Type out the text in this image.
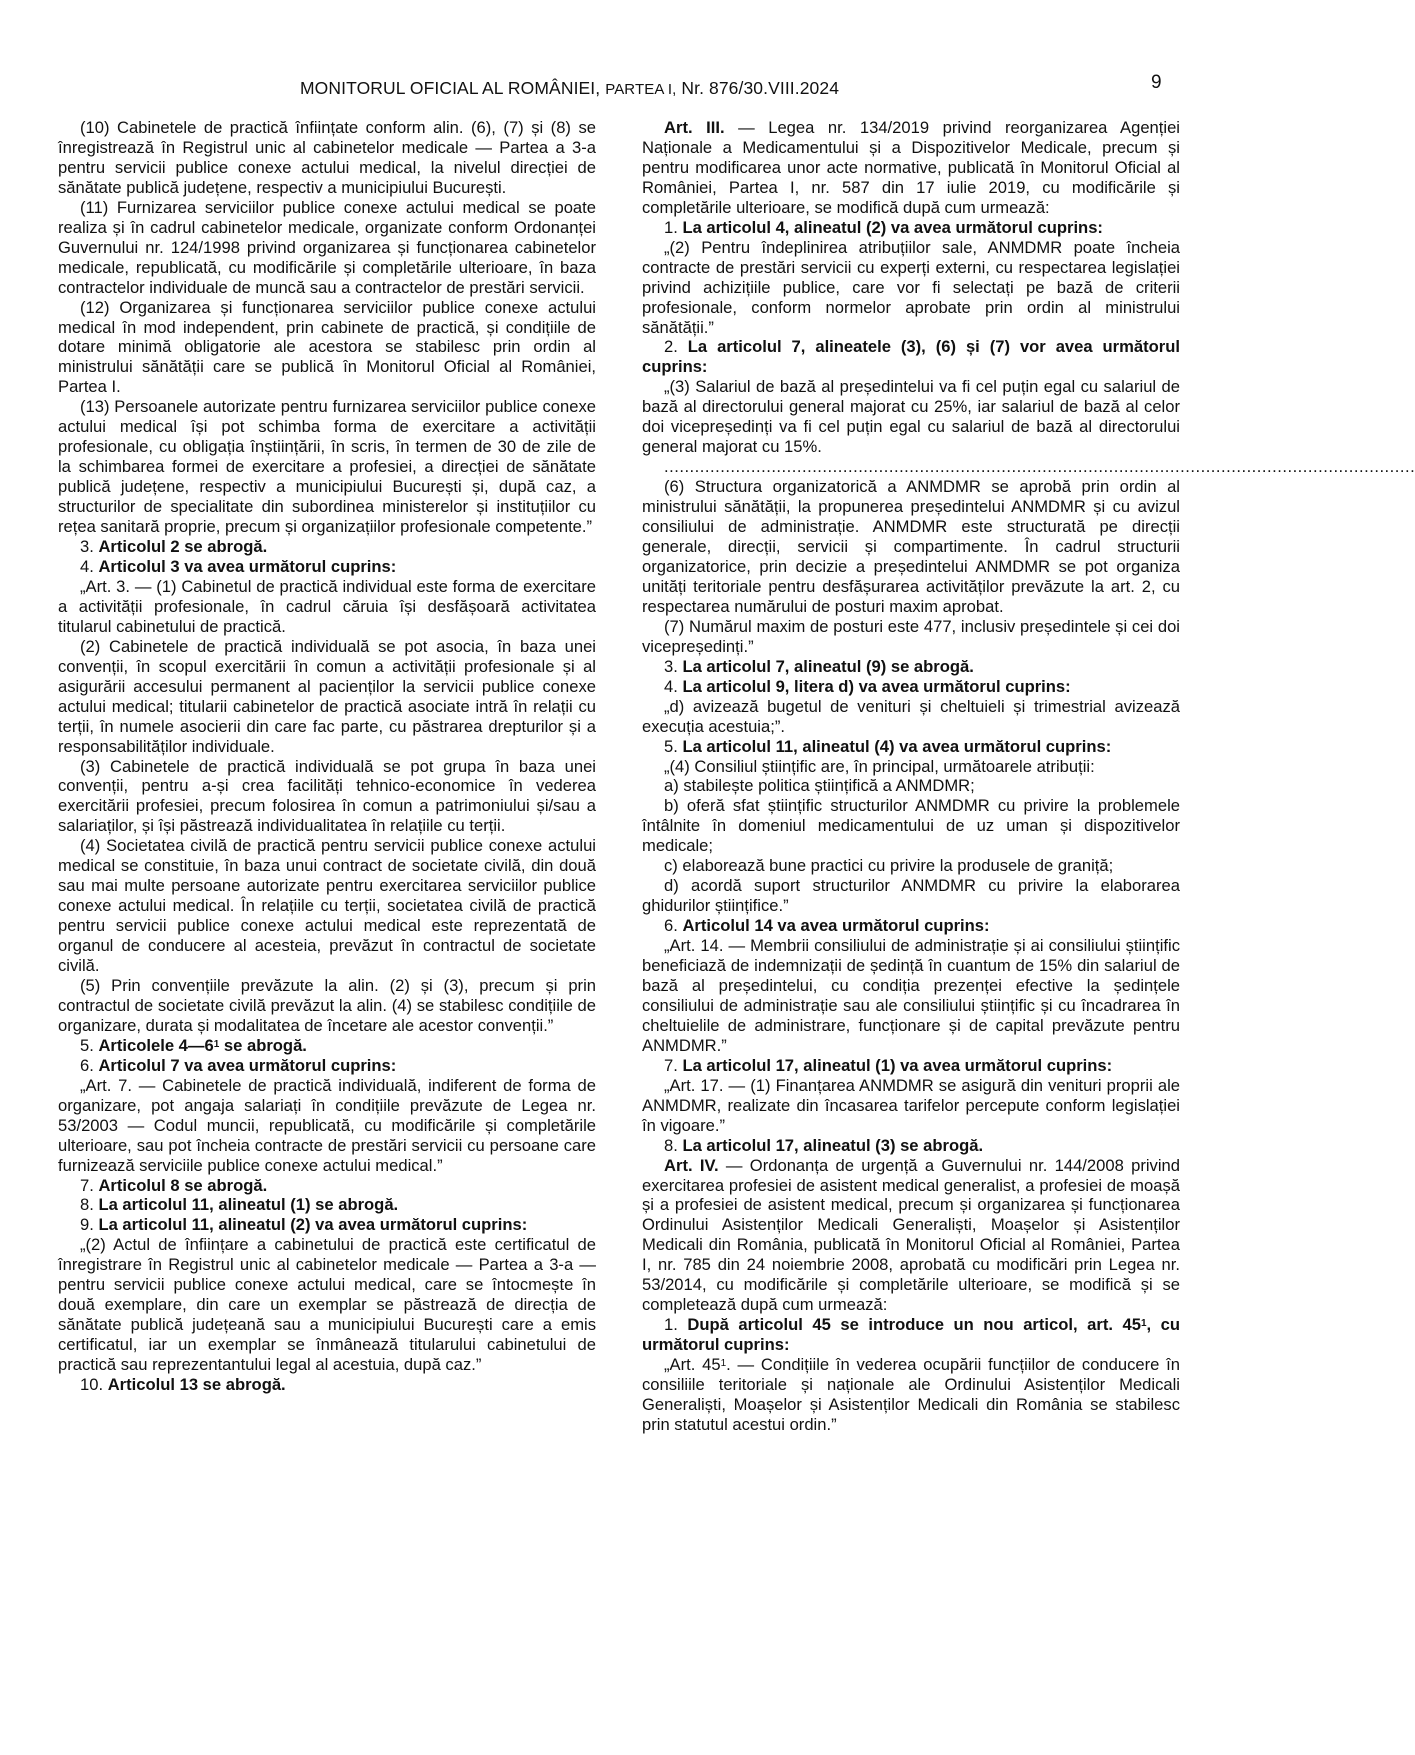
MONITORUL OFICIAL AL ROMÂNIEI, PARTEA I, Nr. 876/30.VIII.2024	9

(10) Cabinetele de practică înființate conform alin. (6), (7) și (8) se înregistrează în Registrul unic al cabinetelor medicale — Partea a 3-a pentru servicii publice conexe actului medical, la nivelul direcției de sănătate publică județene, respectiv a municipiului București.

(11) Furnizarea serviciilor publice conexe actului medical se poate realiza și în cadrul cabinetelor medicale, organizate conform Ordonanței Guvernului nr. 124/1998 privind organizarea și funcționarea cabinetelor medicale, republicată, cu modificările și completările ulterioare, în baza contractelor individuale de muncă sau a contractelor de prestări servicii.

(12) Organizarea și funcționarea serviciilor publice conexe actului medical în mod independent, prin cabinete de practică, și condițiile de dotare minimă obligatorie ale acestora se stabilesc prin ordin al ministrului sănătății care se publică în Monitorul Oficial al României, Partea I.

(13) Persoanele autorizate pentru furnizarea serviciilor publice conexe actului medical își pot schimba forma de exercitare a activității profesionale, cu obligația înștiințării, în scris, în termen de 30 de zile de la schimbarea formei de exercitare a profesiei, a direcției de sănătate publică județene, respectiv a municipiului București și, după caz, a structurilor de specialitate din subordinea ministerelor și instituțiilor cu rețea sanitară proprie, precum și organizațiilor profesionale competente.”

3. Articolul 2 se abrogă.

4. Articolul 3 va avea următorul cuprins:

„Art. 3. — (1) Cabinetul de practică individual este forma de exercitare a activității profesionale, în cadrul căruia își desfășoară activitatea titularul cabinetului de practică.

(2) Cabinetele de practică individuală se pot asocia, în baza unei convenții, în scopul exercitării în comun a activității profesionale și al asigurării accesului permanent al pacienților la servicii publice conexe actului medical; titularii cabinetelor de practică asociate intră în relații cu terții, în numele asocierii din care fac parte, cu păstrarea drepturilor și a responsabilităților individuale.

(3) Cabinetele de practică individuală se pot grupa în baza unei convenții, pentru a-și crea facilități tehnico-economice în vederea exercitării profesiei, precum folosirea în comun a patrimoniului și/sau a salariaților, și își păstrează individualitatea în relațiile cu terții.

(4) Societatea civilă de practică pentru servicii publice conexe actului medical se constituie, în baza unui contract de societate civilă, din două sau mai multe persoane autorizate pentru exercitarea serviciilor publice conexe actului medical. În relațiile cu terții, societatea civilă de practică pentru servicii publice conexe actului medical este reprezentată de organul de conducere al acesteia, prevăzut în contractul de societate civilă.

(5) Prin convențiile prevăzute la alin. (2) și (3), precum și prin contractul de societate civilă prevăzut la alin. (4) se stabilesc condițiile de organizare, durata și modalitatea de încetare ale acestor convenții.”

5. Articolele $4—6^1$ se abrogă.

6. Articolul 7 va avea următorul cuprins:

„Art. 7. — Cabinetele de practică individuală, indiferent de forma de organizare, pot angaja salariați în condițiile prevăzute de Legea nr. 53/2003 — Codul muncii, republicată, cu modificările și completările ulterioare, sau pot încheia contracte de prestări servicii cu persoane care furnizează serviciile publice conexe actului medical.”

7. Articolul 8 se abrogă.

8. La articolul 11, alineatul (1) se abrogă.

9. La articolul 11, alineatul (2) va avea următorul cuprins:

„(2) Actul de înființare a cabinetului de practică este certificatul de înregistrare în Registrul unic al cabinetelor medicale — Partea a 3-a — pentru servicii publice conexe actului medical, care se întocmește în două exemplare, din care un exemplar se păstrează de direcția de sănătate publică județeană sau a municipiului București care a emis certificatul, iar un exemplar se înmânează titularului cabinetului de practică sau reprezentantului legal al acestuia, după caz.”

10. Articolul 13 se abrogă.

Art. III. — Legea nr. 134/2019 privind reorganizarea Agenției Naționale a Medicamentului și a Dispozitivelor Medicale, precum și pentru modificarea unor acte normative, publicată în Monitorul Oficial al României, Partea I, nr. 587 din 17 iulie 2019, cu modificările și completările ulterioare, se modifică după cum urmează:

1. La articolul 4, alineatul (2) va avea următorul cuprins:

„(2) Pentru îndeplinirea atribuțiilor sale, ANMDMR poate încheia contracte de prestări servicii cu experți externi, cu respectarea legislației privind achizițiile publice, care vor fi selectați pe bază de criterii profesionale, conform normelor aprobate prin ordin al ministrului sănătății.”

2. La articolul 7, alineatele (3), (6) și (7) vor avea următorul cuprins:

„(3) Salariul de bază al președintelui va fi cel puțin egal cu salariul de bază al directorului general majorat cu 25%, iar salariul de bază al celor doi vicepreședinți va fi cel puțin egal cu salariul de bază al directorului general majorat cu 15%.

...................................................................................................................................................

(6) Structura organizatorică a ANMDMR se aprobă prin ordin al ministrului sănătății, la propunerea președintelui ANMDMR și cu avizul consiliului de administrație. ANMDMR este structurată pe direcții generale, direcții, servicii și compartimente. În cadrul structurii organizatorice, prin decizie a președintelui ANMDMR se pot organiza unități teritoriale pentru desfășurarea activităților prevăzute la art. 2, cu respectarea numărului de posturi maxim aprobat.

(7) Numărul maxim de posturi este 477, inclusiv președintele și cei doi vicepreședinți.”

3. La articolul 7, alineatul (9) se abrogă.

4. La articolul 9, litera d) va avea următorul cuprins:

„d) avizează bugetul de venituri și cheltuieli și trimestrial avizează execuția acestuia;”.

5. La articolul 11, alineatul (4) va avea următorul cuprins:

„(4) Consiliul științific are, în principal, următoarele atribuții:

a) stabilește politica științifică a ANMDMR;

b) oferă sfat științific structurilor ANMDMR cu privire la problemele întâlnite în domeniul medicamentului de uz uman și dispozitivelor medicale;

c) elaborează bune practici cu privire la produsele de graniță;

d) acordă suport structurilor ANMDMR cu privire la elaborarea ghidurilor științifice.”

6. Articolul 14 va avea următorul cuprins:

„Art. 14. — Membrii consiliului de administrație și ai consiliului științific beneficiază de indemnizații de ședință în cuantum de 15% din salariul de bază al președintelui, cu condiția prezenței efective la ședințele consiliului de administrație sau ale consiliului științific și cu încadrarea în cheltuielile de administrare, funcționare și de capital prevăzute pentru ANMDMR.”

7. La articolul 17, alineatul (1) va avea următorul cuprins:

„Art. 17. — (1) Finanțarea ANMDMR se asigură din venituri proprii ale ANMDMR, realizate din încasarea tarifelor percepute conform legislației în vigoare.”

8. La articolul 17, alineatul (3) se abrogă.

Art. IV. — Ordonanța de urgență a Guvernului nr. 144/2008 privind exercitarea profesiei de asistent medical generalist, a profesiei de moașă și a profesiei de asistent medical, precum și organizarea și funcționarea Ordinului Asistenților Medicali Generaliști, Moașelor și Asistenților Medicali din România, publicată în Monitorul Oficial al României, Partea I, nr. 785 din 24 noiembrie 2008, aprobată cu modificări prin Legea nr. 53/2014, cu modificările și completările ulterioare, se modifică și se completează după cum urmează:

1. După articolul 45 se introduce un nou articol, art. $45^1$, cu următorul cuprins:

„Art. $45^1$. — Condițiile în vederea ocupării funcțiilor de conducere în consiliile teritoriale și naționale ale Ordinului Asistenților Medicali Generaliști, Moașelor și Asistenților Medicali din România se stabilesc prin statutul acestui ordin.”
